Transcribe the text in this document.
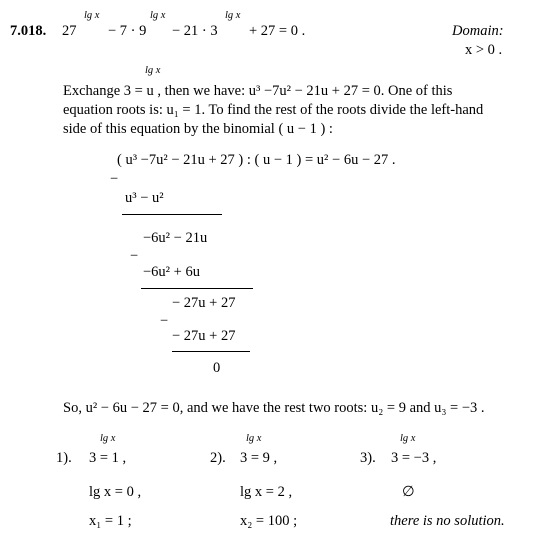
7.018. 27
lg x
− 7 · 9
lg x
− 21 · 3
lg x
+ 27 = 0 .	Domain:
x > 0 .
lg x
Exchange 3 = u , then we have: u³ −7u² − 21u + 27 = 0. One of this
equation roots is: u₁ = 1. To find the rest of the roots divide the left-hand
side of this equation by the binomial ( u − 1 ) :
( u³ −7u² − 21u + 27 ) : ( u − 1 ) = u² − 6u − 27 .
−
u³ − u²
−6u² − 21u
−
−6u² + 6u
− 27u + 27
−
− 27u + 27
0
So, u² − 6u − 27 = 0, and we have the rest two roots: u₂ = 9 and u₃ = −3 .
lg x
1). 3 = 1 ,
lg x = 0 ,
x₁ = 1 ;
lg x
2). 3 = 9 ,
lg x = 2 ,
x₂ = 100 ;
lg x
3). 3 = −3 ,
∅
there is no solution.
